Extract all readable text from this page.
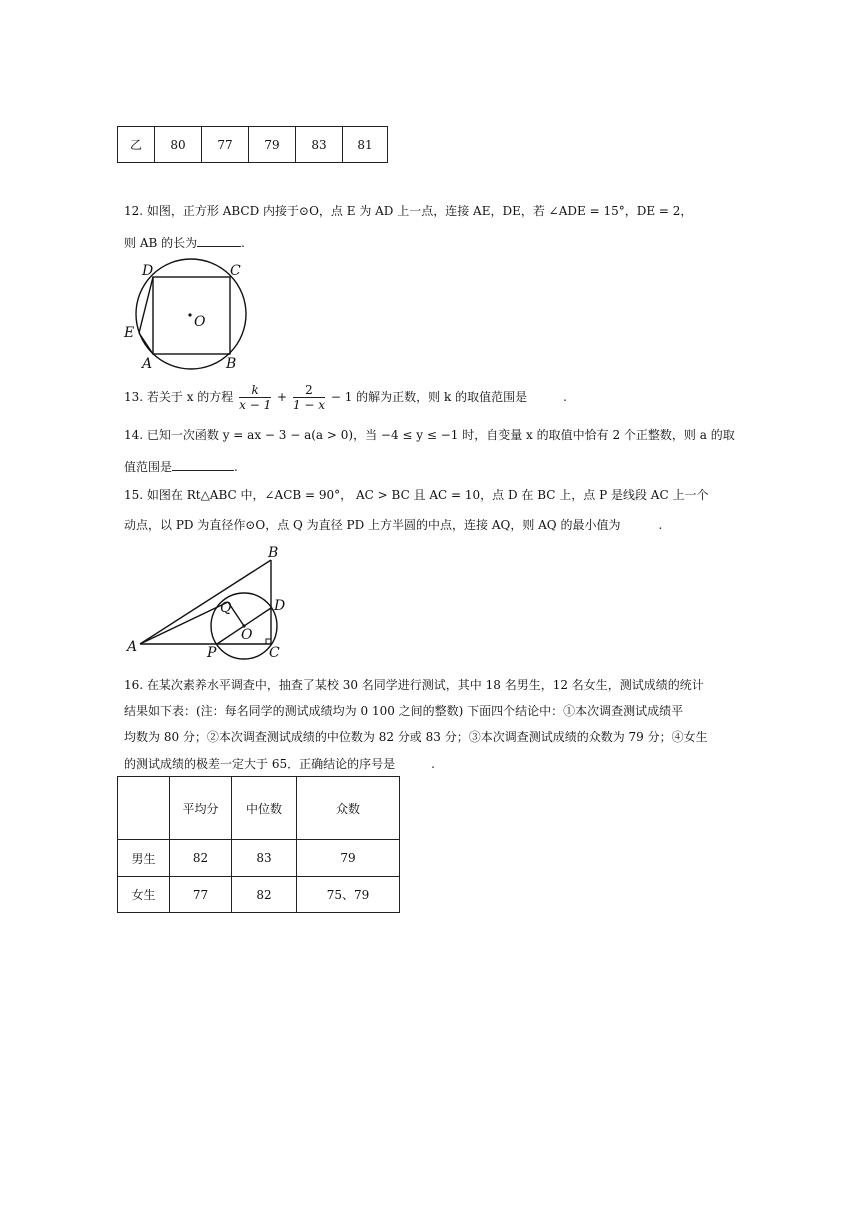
乙	80	77	79	83	81
12. 如图，正方形 ABCD 内接于⊙O，点 E 为 AD 上一点，连接 AE，DE，若 ∠ADE = 15°，DE = 2，
则 AB 的长为	.
D	C
E
O
A	B
13. 若关于 x 的方程 $\frac{k}{x - 1} + \frac{2}{1 - x} - 1$ 的解为正数，则 k 的取值范围是	.
14. 已知一次函数 y = ax − 3 − a(a > 0)，当 −4 ≤ y ≤ −1 时，自变量 x 的取值中恰有 2 个正整数，则 a 的取
值范围是	.
15. 如图在 Rt△ABC 中，∠ACB = 90°， AC > BC 且 AC = 10，点 D 在 BC 上，点 P 是线段 AC 上一个
动点，以 PD 为直径作⊙O，点 Q 为直径 PD 上方半圆的中点，连接 AQ，则 AQ 的最小值为	.
B
Q	D
O
A	P	C
16. 在某次素养水平调查中，抽查了某校 30 名同学进行测试，其中 18 名男生，12 名女生，测试成绩的统计
结果如下表：(注：每名同学的测试成绩均为 0 100 之间的整数) 下面四个结论中：①本次调查测试成绩平
均数为 80 分；②本次调查测试成绩的中位数为 82 分或 83 分；③本次调查测试成绩的众数为 79 分；④女生
的测试成绩的极差一定大于 65．正确结论的序号是	.
	平均分	中位数	众数
男生	82	83	79
女生	77	82	75、79
